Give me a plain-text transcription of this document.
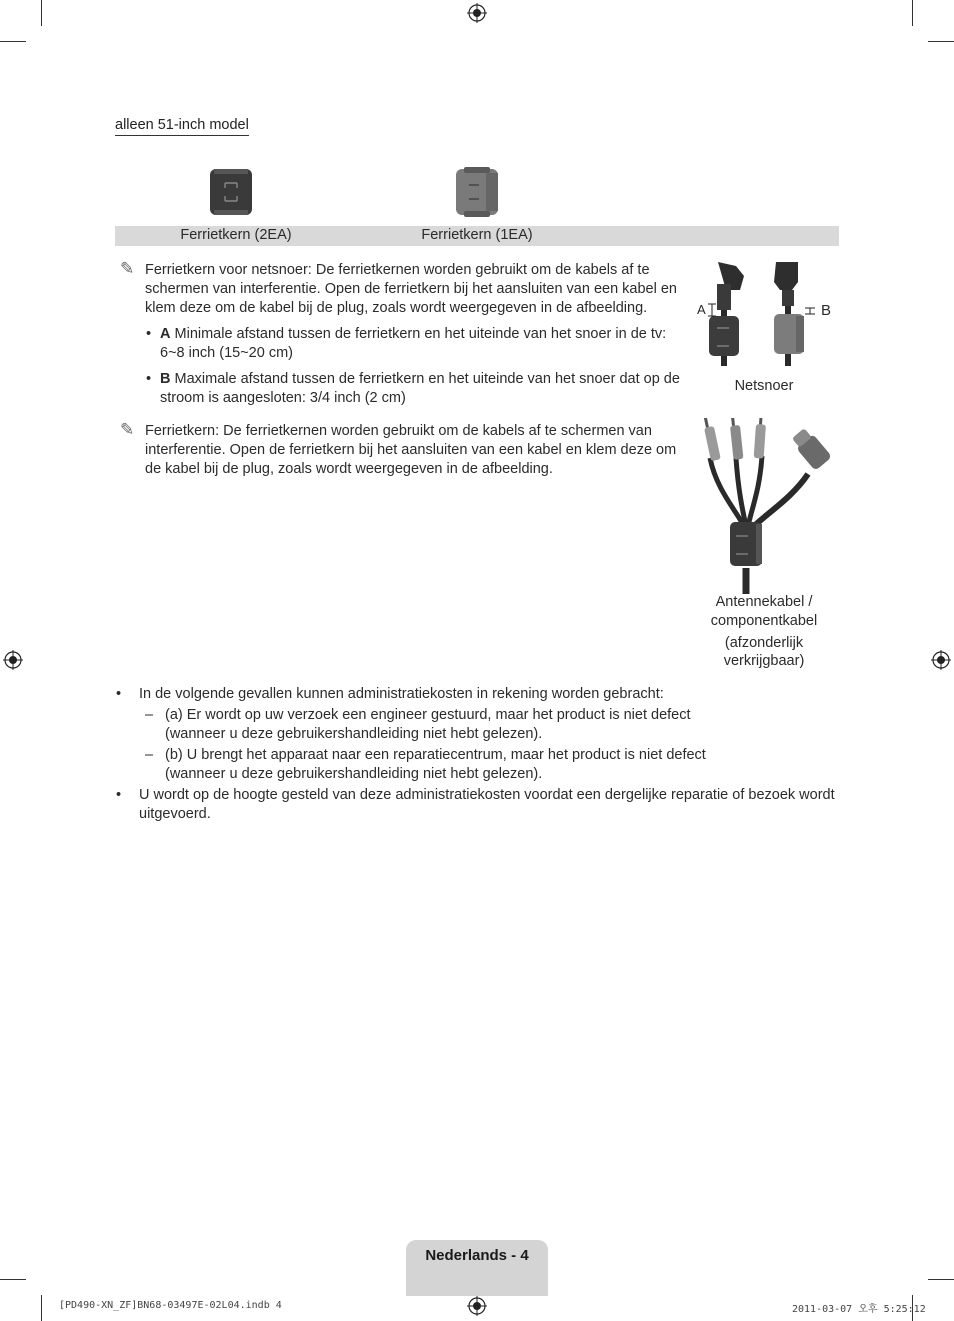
alleen 51-inch model
Ferrietkern (2EA)	Ferrietkern (1EA)
✎ Ferrietkern voor netsnoer: De ferrietkernen worden gebruikt om de kabels af te schermen van interferentie. Open de ferrietkern bij het aansluiten van een kabel en klem deze om de kabel bij de plug, zoals wordt weergegeven in de afbeelding.
• A Minimale afstand tussen de ferrietkern en het uiteinde van het snoer in de tv: 6~8 inch (15~20 cm)
• B Maximale afstand tussen de ferrietkern en het uiteinde van het snoer dat op de stroom is aangesloten: 3/4 inch (2 cm)
A	B
Netsnoer
✎ Ferrietkern: De ferrietkernen worden gebruikt om de kabels af te schermen van interferentie. Open de ferrietkern bij het aansluiten van een kabel en klem deze om de kabel bij de plug, zoals wordt weergegeven in de afbeelding.
Antennekabel /
componentkabel
(afzonderlijk
verkrijgbaar)
• In de volgende gevallen kunnen administratiekosten in rekening worden gebracht:
– (a) Er wordt op uw verzoek een engineer gestuurd, maar het product is niet defect
(wanneer u deze gebruikershandleiding niet hebt gelezen).
– (b) U brengt het apparaat naar een reparatiecentrum, maar het product is niet defect
(wanneer u deze gebruikershandleiding niet hebt gelezen).
• U wordt op de hoogte gesteld van deze administratiekosten voordat een dergelijke reparatie of bezoek wordt uitgevoerd.
Nederlands - 4
[PD490-XN_ZF]BN68-03497E-02L04.indb 4	2011-03-07 오후 5:25:12
